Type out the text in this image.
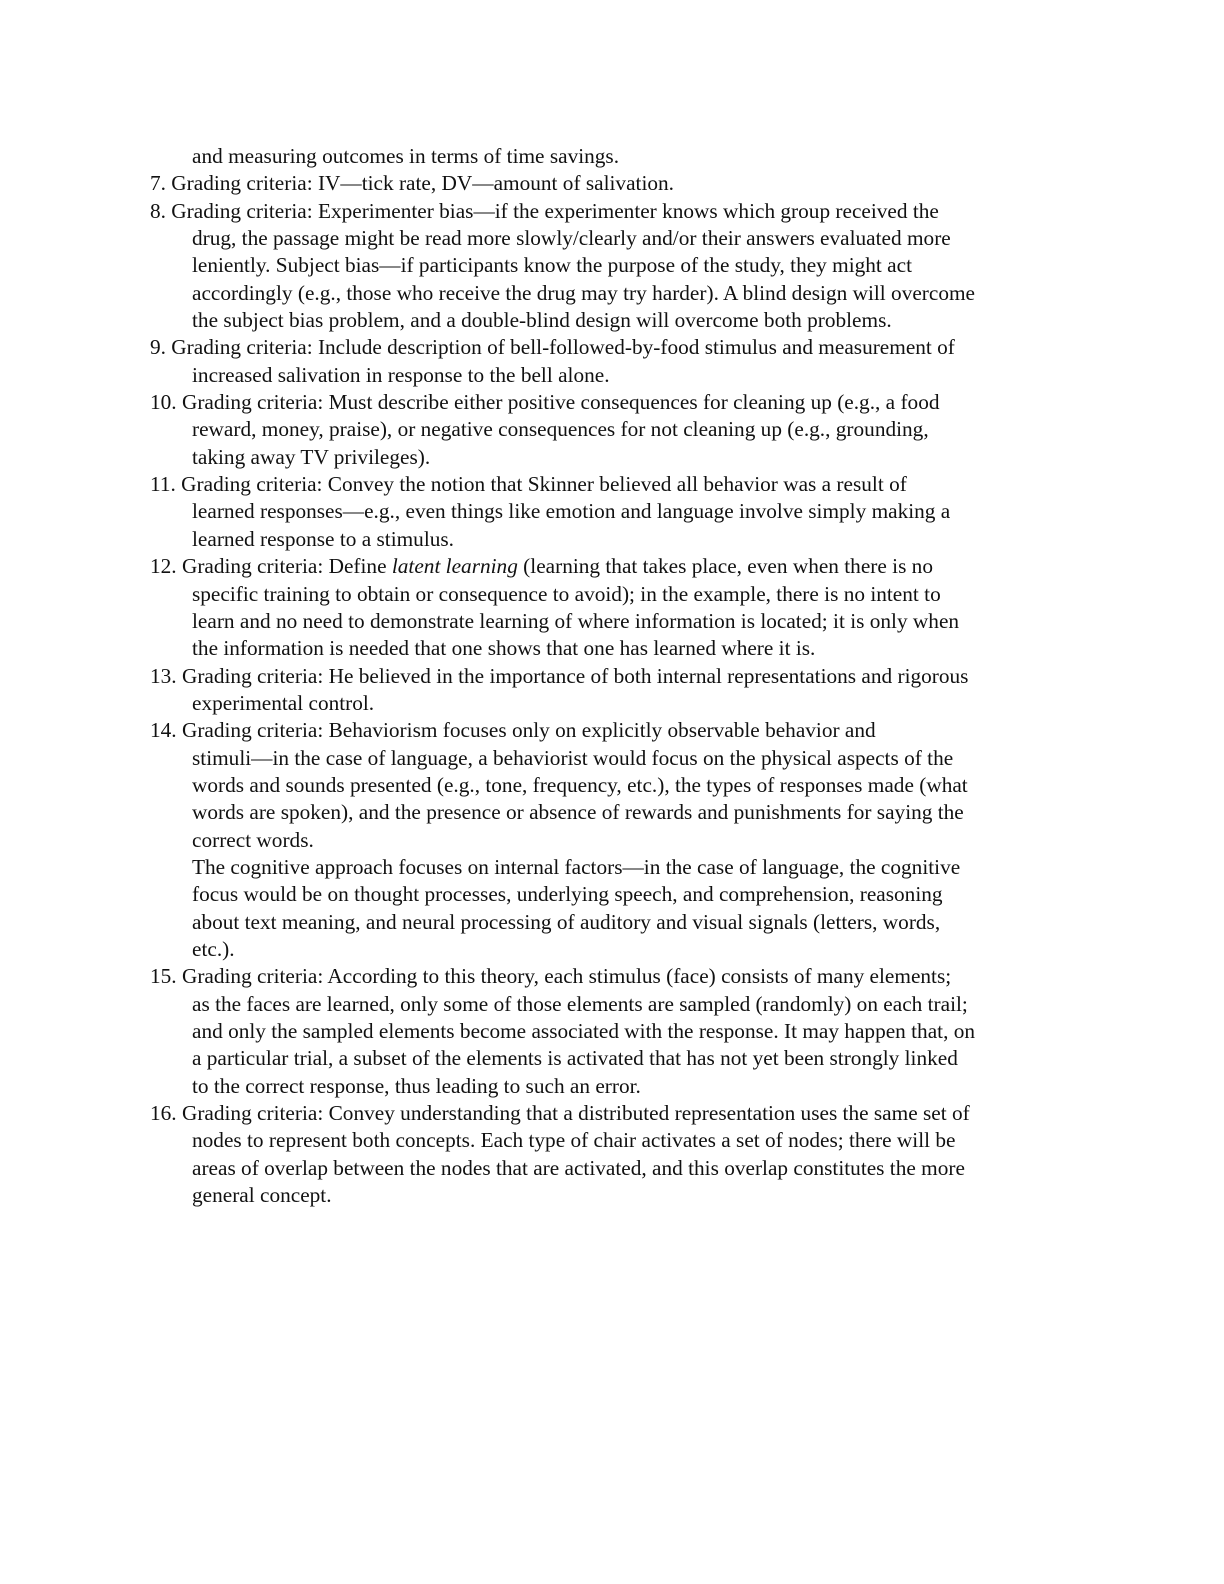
and measuring outcomes in terms of time savings.
7. Grading criteria: IV—tick rate, DV—amount of salivation.
8. Grading criteria: Experimenter bias—if the experimenter knows which group received the
drug, the passage might be read more slowly/clearly and/or their answers evaluated more
leniently. Subject bias—if participants know the purpose of the study, they might act
accordingly (e.g., those who receive the drug may try harder). A blind design will overcome
the subject bias problem, and a double-blind design will overcome both problems.
9. Grading criteria: Include description of bell-followed-by-food stimulus and measurement of
increased salivation in response to the bell alone.
10. Grading criteria: Must describe either positive consequences for cleaning up (e.g., a food
reward, money, praise), or negative consequences for not cleaning up (e.g., grounding,
taking away TV privileges).
11. Grading criteria: Convey the notion that Skinner believed all behavior was a result of
learned responses—e.g., even things like emotion and language involve simply making a
learned response to a stimulus.
12. Grading criteria: Define latent learning (learning that takes place, even when there is no
specific training to obtain or consequence to avoid); in the example, there is no intent to
learn and no need to demonstrate learning of where information is located; it is only when
the information is needed that one shows that one has learned where it is.
13. Grading criteria: He believed in the importance of both internal representations and rigorous
experimental control.
14. Grading criteria: Behaviorism focuses only on explicitly observable behavior and
stimuli—in the case of language, a behaviorist would focus on the physical aspects of the
words and sounds presented (e.g., tone, frequency, etc.), the types of responses made (what
words are spoken), and the presence or absence of rewards and punishments for saying the
correct words.
The cognitive approach focuses on internal factors—in the case of language, the cognitive
focus would be on thought processes, underlying speech, and comprehension, reasoning
about text meaning, and neural processing of auditory and visual signals (letters, words,
etc.).
15. Grading criteria: According to this theory, each stimulus (face) consists of many elements;
as the faces are learned, only some of those elements are sampled (randomly) on each trail;
and only the sampled elements become associated with the response. It may happen that, on
a particular trial, a subset of the elements is activated that has not yet been strongly linked
to the correct response, thus leading to such an error.
16. Grading criteria: Convey understanding that a distributed representation uses the same set of
nodes to represent both concepts. Each type of chair activates a set of nodes; there will be
areas of overlap between the nodes that are activated, and this overlap constitutes the more
general concept.
